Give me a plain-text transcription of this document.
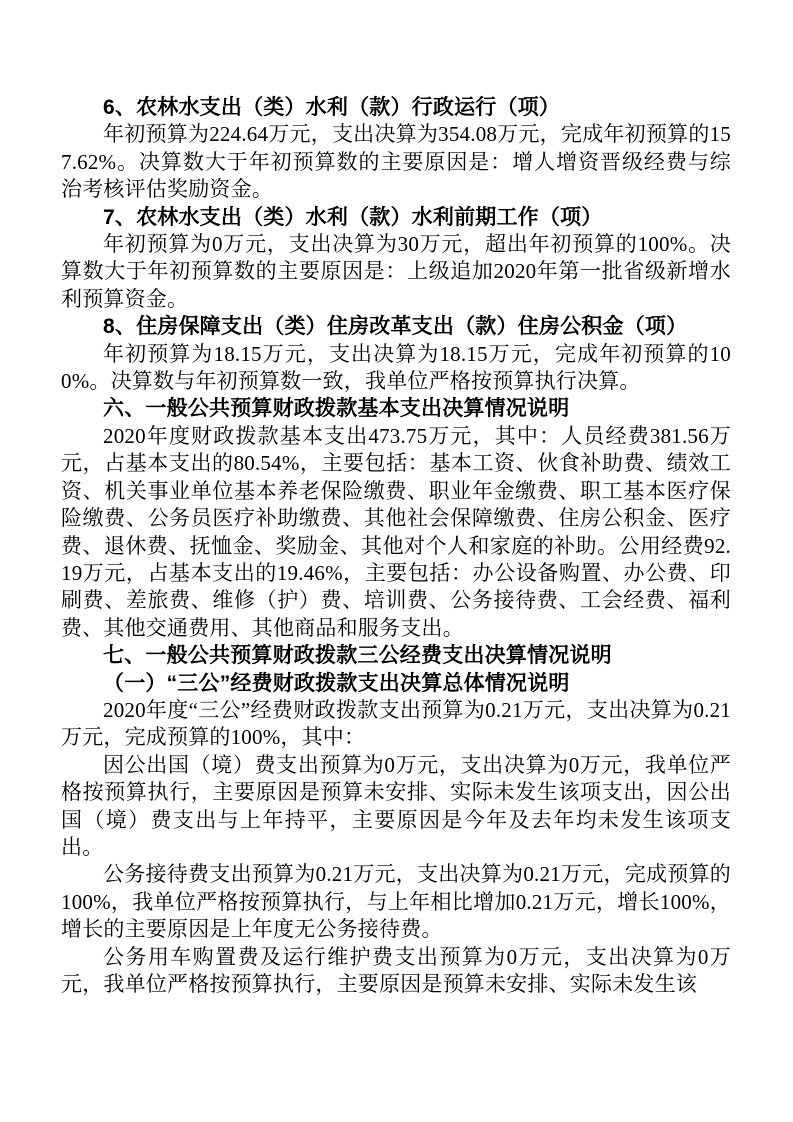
6、农林水支出（类）水利（款）行政运行（项）

年初预算为224.64万元，支出决算为354.08万元，完成年初预算的157.62%。决算数大于年初预算数的主要原因是：增人增资晋级经费与综治考核评估奖励资金。

7、农林水支出（类）水利（款）水利前期工作（项）

年初预算为0万元，支出决算为30万元，超出年初预算的100%。决算数大于年初预算数的主要原因是：上级追加2020年第一批省级新增水利预算资金。

8、住房保障支出（类）住房改革支出（款）住房公积金（项）

年初预算为18.15万元，支出决算为18.15万元，完成年初预算的100%。决算数与年初预算数一致，我单位严格按预算执行决算。

六、一般公共预算财政拨款基本支出决算情况说明

2020年度财政拨款基本支出473.75万元，其中：人员经费381.56万元，占基本支出的80.54%，主要包括：基本工资、伙食补助费、绩效工资、机关事业单位基本养老保险缴费、职业年金缴费、职工基本医疗保险缴费、公务员医疗补助缴费、其他社会保障缴费、住房公积金、医疗费、退休费、抚恤金、奖励金、其他对个人和家庭的补助。公用经费92.19万元，占基本支出的19.46%，主要包括：办公设备购置、办公费、印刷费、差旅费、维修（护）费、培训费、公务接待费、工会经费、福利费、其他交通费用、其他商品和服务支出。

七、一般公共预算财政拨款三公经费支出决算情况说明

（一）“三公”经费财政拨款支出决算总体情况说明

2020年度“三公”经费财政拨款支出预算为0.21万元，支出决算为0.21万元，完成预算的100%，其中：

因公出国（境）费支出预算为0万元，支出决算为0万元，我单位严格按预算执行，主要原因是预算未安排、实际未发生该项支出，因公出国（境）费支出与上年持平，主要原因是今年及去年均未发生该项支出。

公务接待费支出预算为0.21万元，支出决算为0.21万元，完成预算的100%，我单位严格按预算执行，与上年相比增加0.21万元，增长100%，增长的主要原因是上年度无公务接待费。

公务用车购置费及运行维护费支出预算为0万元，支出决算为0万元，我单位严格按预算执行，主要原因是预算未安排、实际未发生该
